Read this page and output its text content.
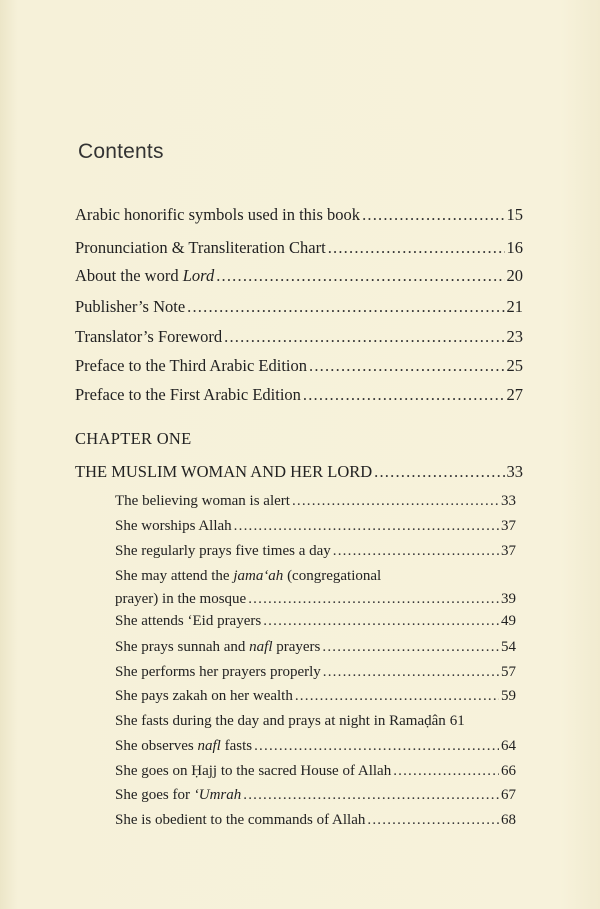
Contents
Arabic honorific symbols used in this book .....	15
Pronunciation & Transliteration Chart .....	16
About the word Lord .....	20
Publisher’s Note .....	21
Translator’s Foreword .....	23
Preface to the Third Arabic Edition .....	25
Preface to the First Arabic Edition .....	27
CHAPTER ONE
THE MUSLIM WOMAN AND HER LORD .....	33
The believing woman is alert .....	33
She worships Allah .....	37
She regularly prays five times a day .....	37
She may attend the jama‘ah (congregational
prayer) in the mosque .....	39
She attends ‘Eid prayers .....	49
She prays sunnah and nafl prayers .....	54
She performs her prayers properly .....	57
She pays zakah on her wealth .....	59
She fasts during the day and prays at night in Ramaḍân 61
She observes nafl fasts .....	64
She goes on Ḥajj to the sacred House of Allah .....	66
She goes for ‘Umrah .....	67
She is obedient to the commands of Allah .....	68
